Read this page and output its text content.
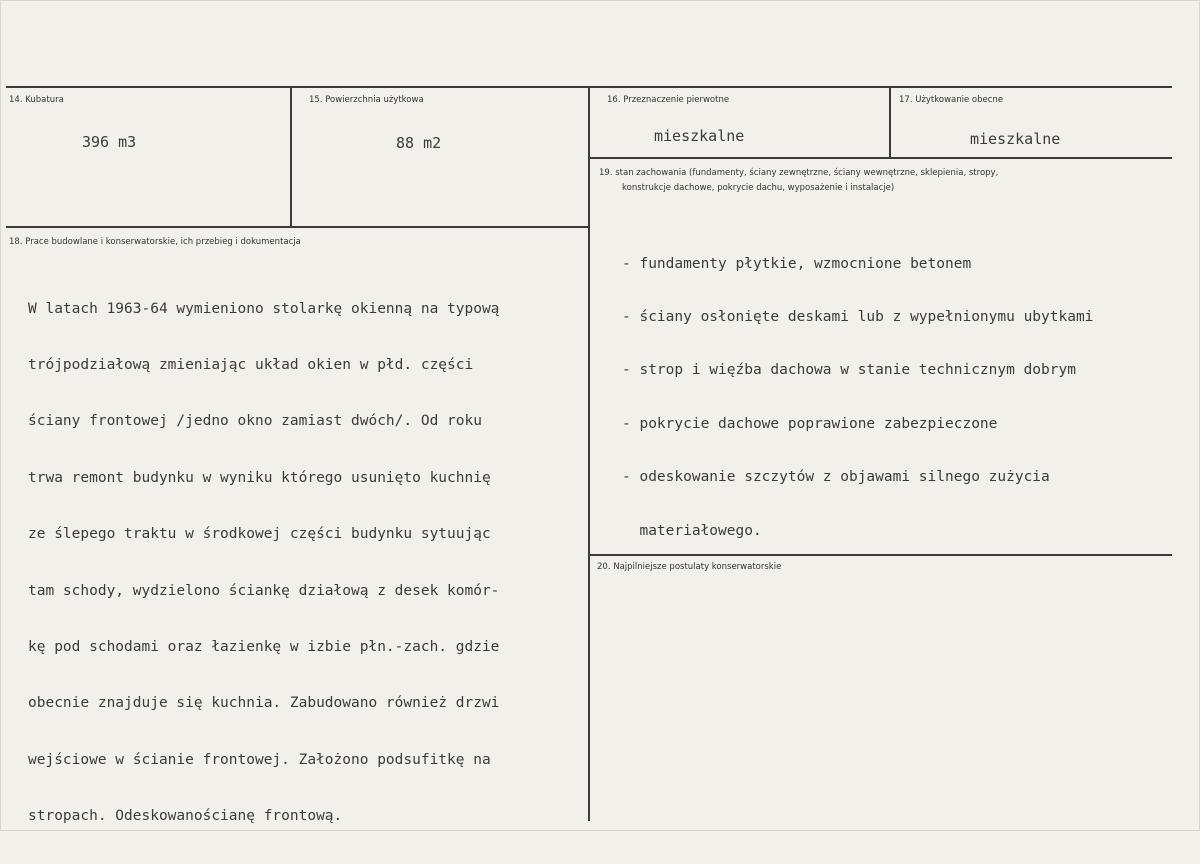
14. Kubatura
396 m3
15. Powierzchnia użytkowa
88 m2
16. Przeznaczenie pierwotne
mieszkalne
17. Użytkowanie obecne
mieszkalne
18. Prace budowlane i konserwatorskie, ich przebieg i dokumentacja

W latach 1963-64 wymieniono stolarkę okienną na typową

trójpodziałową zmieniając układ okien w płd. części

ściany frontowej /jedno okno zamiast dwóch/. Od roku

trwa remont budynku w wyniku którego usunięto kuchnię

ze ślepego traktu w środkowej części budynku sytuując

tam schody, wydzielono ściankę działową z desek komór-

kę pod schodami oraz łazienkę w izbie płn.-zach. gdzie

obecnie znajduje się kuchnia. Zabudowano również drzwi

wejściowe w ścianie frontowej. Założono podsufitkę na

stropach. Odeskowanościanę frontową.

19. stan zachowania (fundamenty, ściany zewnętrzne, ściany wewnętrzne, sklepienia, stropy,
konstrukcje dachowe, pokrycie dachu, wyposażenie i instalacje)

- fundamenty płytkie, wzmocnione betonem

- ściany osłonięte deskami lub z wypełnionymu ubytkami

- strop i więźba dachowa w stanie technicznym dobrym

- pokrycie dachowe poprawione zabezpieczone

- odeskowanie szczytów z objawami silnego zużycia

materiałowego.

20. Najpilniejsze postulaty konserwatorskie
